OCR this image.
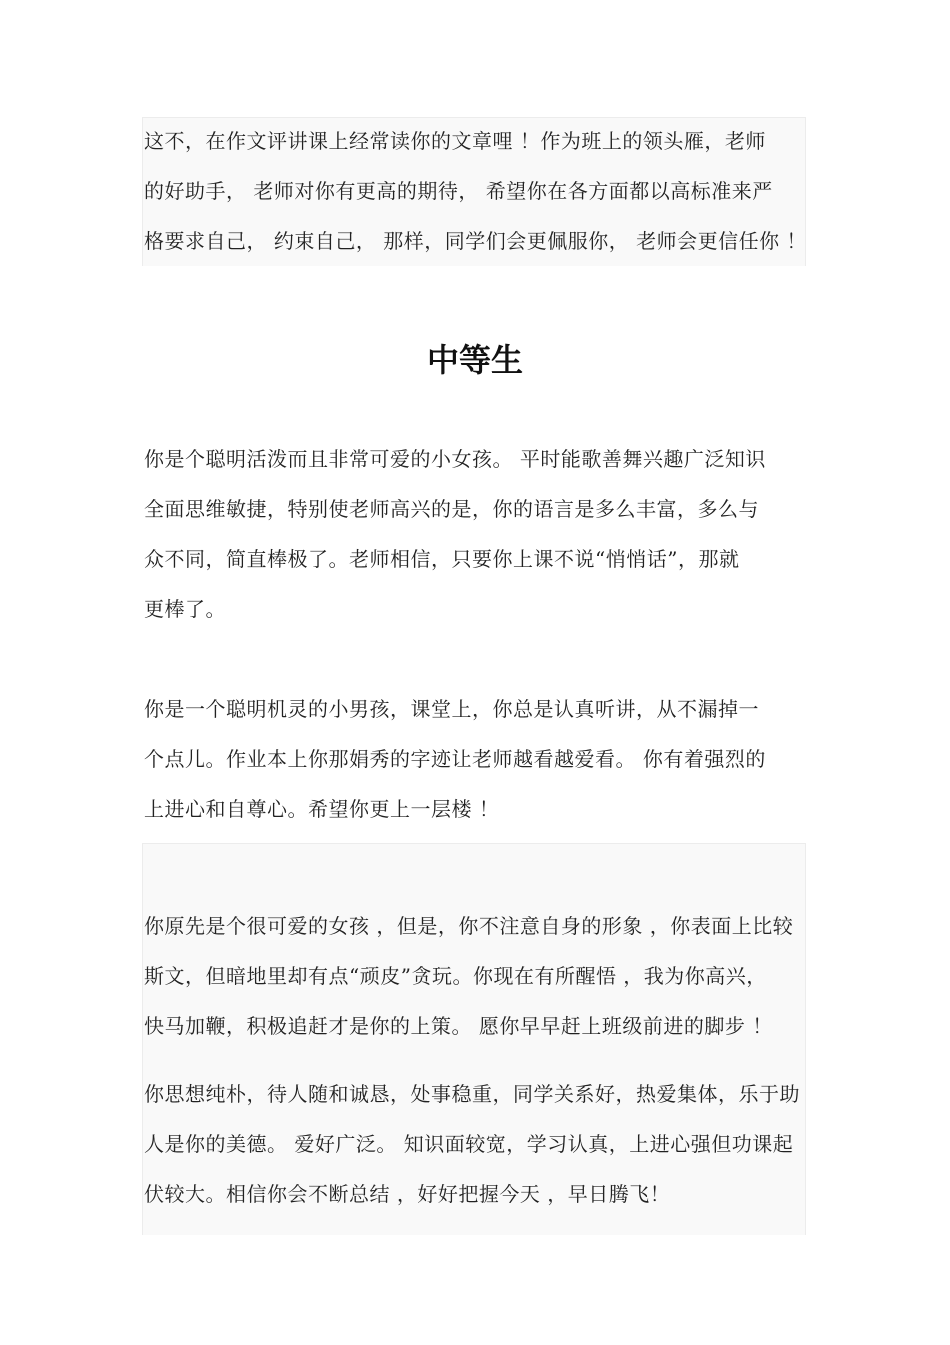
这不，在作文评讲课上经常读你的文章哩 ！作为班上的领头雁，老师
的好助手， 老师对你有更高的期待， 希望你在各方面都以高标准来严
格要求自己， 约束自己， 那样，同学们会更佩服你， 老师会更信任你 ！
中等生
你是个聪明活泼而且非常可爱的小女孩。 平时能歌善舞兴趣广泛知识
全面思维敏捷，特别使老师高兴的是，你的语言是多么丰富，多么与
众不同，简直棒极了。老师相信，只要你上课不说“悄悄话”，那就
更棒了。
你是一个聪明机灵的小男孩，课堂上，你总是认真听讲，从不漏掉一
个点儿。作业本上你那娟秀的字迹让老师越看越爱看。 你有着强烈的
上进心和自尊心。希望你更上一层楼 ！
你原先是个很可爱的女孩 ，但是，你不注意自身的形象 ，你表面上比较
斯文，但暗地里却有点“顽皮”贪玩。你现在有所醒悟 ，我为你高兴，
快马加鞭，积极追赶才是你的上策。 愿你早早赶上班级前进的脚步 ！
你思想纯朴，待人随和诚恳，处事稳重，同学关系好，热爱集体，乐于助
人是你的美德。 爱好广泛。 知识面较宽，学习认真，上进心强但功课起
伏较大。相信你会不断总结 ，好好把握今天 ，早日腾飞！
